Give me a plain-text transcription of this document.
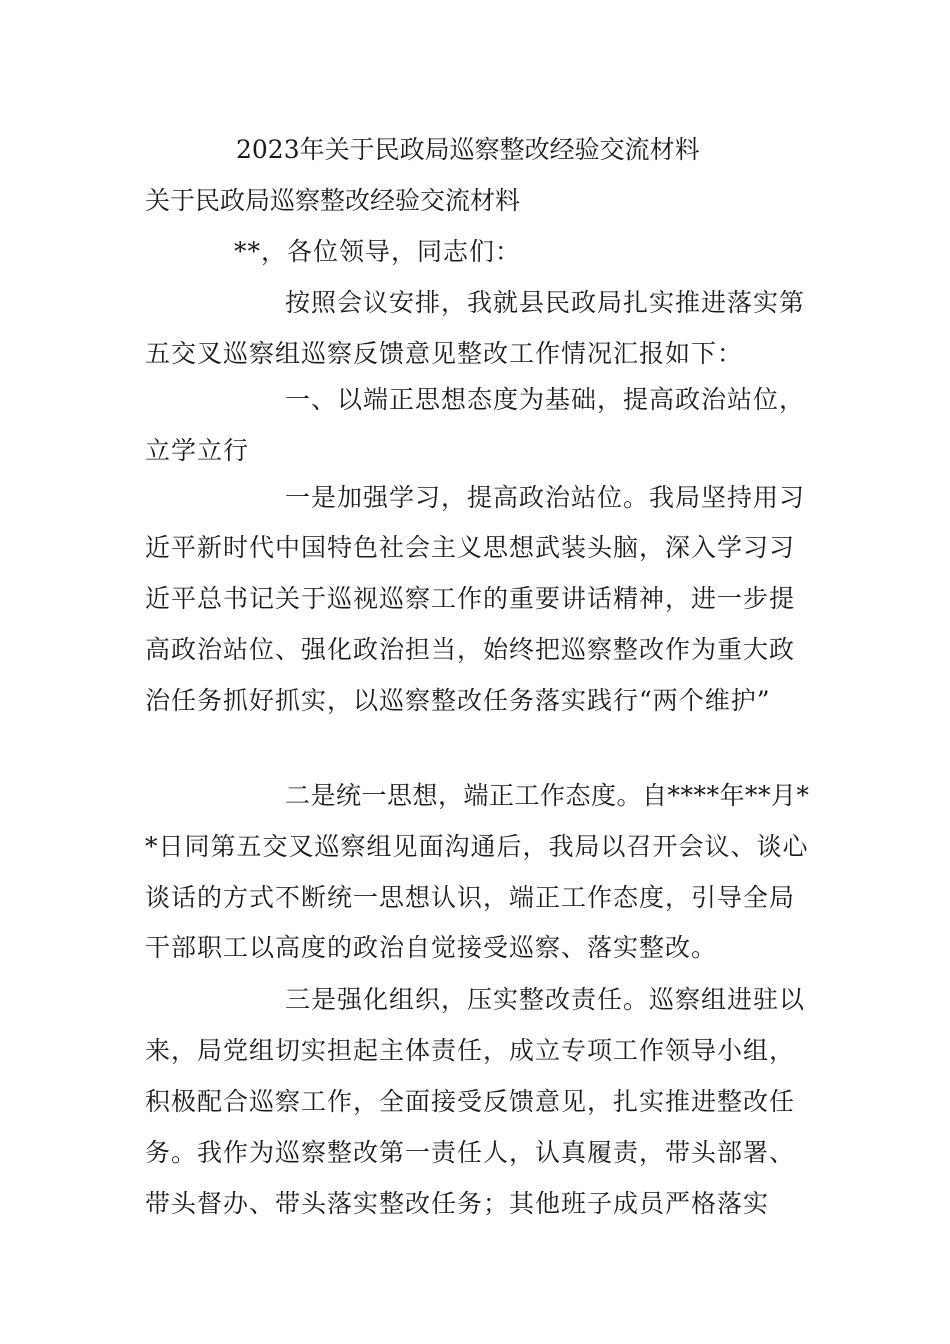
2023年关于民政局巡察整改经验交流材料
关于民政局巡察整改经验交流材料
**，各位领导，同志们：
按照会议安排，我就县民政局扎实推进落实第
五交叉巡察组巡察反馈意见整改工作情况汇报如下：
一、以端正思想态度为基础，提高政治站位，
立学立行
一是加强学习，提高政治站位。我局坚持用习
近平新时代中国特色社会主义思想武装头脑，深入学习习
近平总书记关于巡视巡察工作的重要讲话精神，进一步提
高政治站位、强化政治担当，始终把巡察整改作为重大政
治任务抓好抓实，以巡察整改任务落实践行“两个维护”
二是统一思想，端正工作态度。自****年**月*
*日同第五交叉巡察组见面沟通后，我局以召开会议、谈心
谈话的方式不断统一思想认识，端正工作态度，引导全局
干部职工以高度的政治自觉接受巡察、落实整改。
三是强化组织，压实整改责任。巡察组进驻以
来，局党组切实担起主体责任，成立专项工作领导小组，
积极配合巡察工作，全面接受反馈意见，扎实推进整改任
务。我作为巡察整改第一责任人，认真履责，带头部署、
带头督办、带头落实整改任务；其他班子成员严格落实
